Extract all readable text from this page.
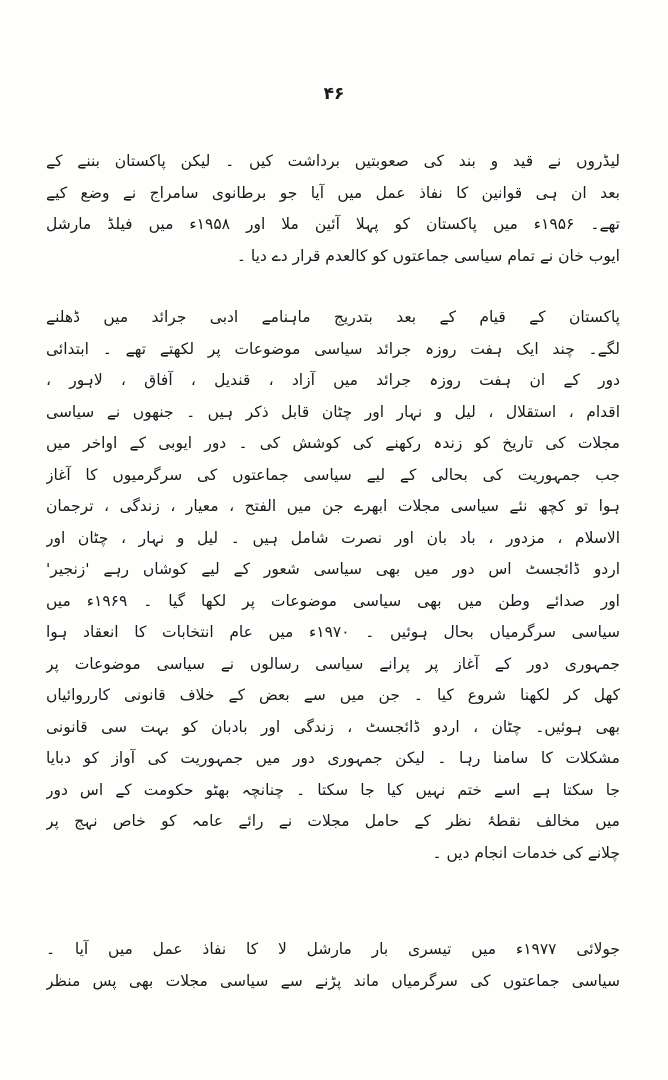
۴۶
لیڈروں نے قید و بند کی صعوبتیں برداشت کیں ۔ لیکن پاکستان بننے کے
بعد ان ہی قوانین کا نفاذ عمل میں آیا جو برطانوی سامراج نے وضع کیے
تھے۔ ۱۹۵۶ء میں پاکستان کو پہلا آئین ملا اور ۱۹۵۸ء میں فیلڈ مارشل
ایوب خان نے تمام سیاسی جماعتوں کو کالعدم قرار دے دیا ۔
پاکستان کے قیام کے بعد بتدریج ماہنامے ادبی جرائد میں ڈھلنے
لگے۔ چند ایک ہفت روزہ جرائد سیاسی موضوعات پر لکھتے تھے ۔ ابتدائی
دور کے ان ہفت روزہ جرائد میں آزاد ، قندیل ، آفاق ، لاہور ،
اقدام ، استقلال ، لیل و نہار اور چٹان قابل ذکر ہیں ۔ جنھوں نے سیاسی
مجلات کی تاریخ کو زندہ رکھنے کی کوشش کی ۔ دور ایوبی کے اواخر میں
جب جمہوریت کی بحالی کے لیے سیاسی جماعتوں کی سرگرمیوں کا آغاز
ہوا تو کچھ نئے سیاسی مجلات ابھرے جن میں الفتح ، معیار ، زندگی ، ترجمان
الاسلام ، مزدور ، باد بان اور نصرت شامل ہیں ۔ لیل و نہار ، چٹان اور
اردو ڈائجسٹ اس دور میں بھی سیاسی شعور کے لیے کوشاں رہے 'زنجیر'
اور صدائے وطن میں بھی سیاسی موضوعات پر لکھا گیا ۔ ۱۹۶۹ء میں
سیاسی سرگرمیاں بحال ہوئیں ۔ ۱۹۷۰ء میں عام انتخابات کا انعقاد ہوا
جمہوری دور کے آغاز پر پرانے سیاسی رسالوں نے سیاسی موضوعات پر
کھل کر لکھنا شروع کیا ۔ جن میں سے بعض کے خلاف قانونی کارروائیاں
بھی ہوئیں۔ چٹان ، اردو ڈائجسٹ ، زندگی اور بادبان کو بہت سی قانونی
مشکلات کا سامنا رہا ۔ لیکن جمہوری دور میں جمہوریت کی آواز کو دبایا
جا سکتا ہے اسے ختم نہیں کیا جا سکتا ۔ چنانچہ بھٹو حکومت کے اس دور
میں مخالف نقطۂ نظر کے حامل مجلات نے رائے عامہ کو خاص نہج پر
چلانے کی خدمات انجام دیں ۔
جولائی ۱۹۷۷ء میں تیسری بار مارشل لا کا نفاذ عمل میں آیا ۔
سیاسی جماعتوں کی سرگرمیاں ماند پڑنے سے سیاسی مجلات بھی پس منظر
